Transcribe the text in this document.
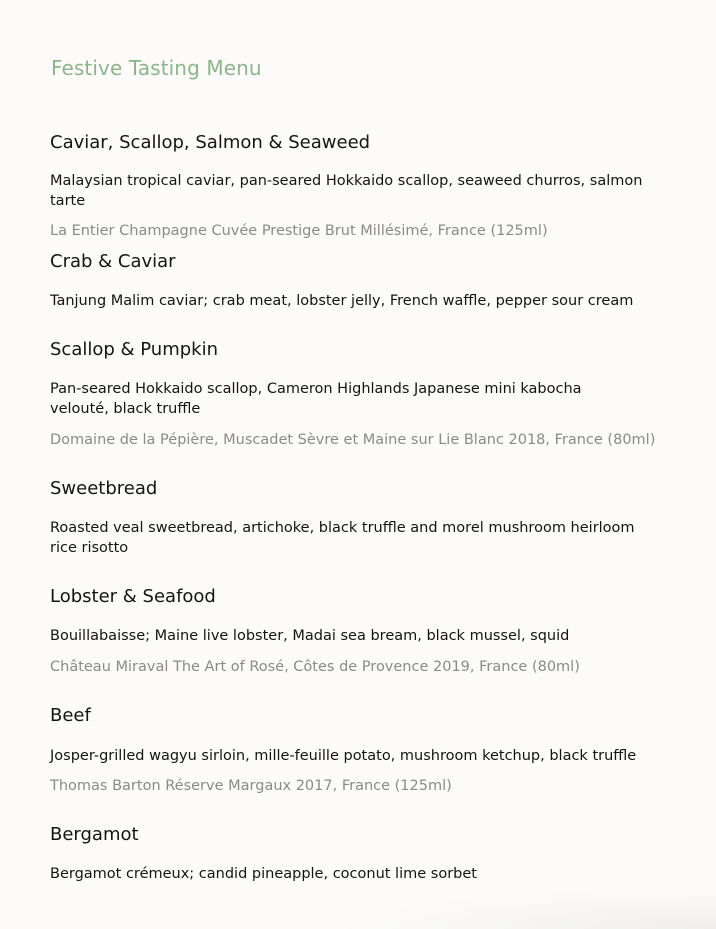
Festive Tasting Menu
Caviar, Scallop, Salmon & Seaweed

Malaysian tropical caviar, pan-seared Hokkaido scallop, seaweed churros, salmon tarte

La Entier Champagne Cuvée Prestige Brut Millésimé, France (125ml)

Crab & Caviar

Tanjung Malim caviar; crab meat, lobster jelly, French waffle, pepper sour cream

Scallop & Pumpkin

Pan-seared Hokkaido scallop, Cameron Highlands Japanese mini kabocha velouté, black truffle

Domaine de la Pépière, Muscadet Sèvre et Maine sur Lie Blanc 2018, France (80ml)

Sweetbread

Roasted veal sweetbread, artichoke, black truffle and morel mushroom heirloom rice risotto

Lobster & Seafood

Bouillabaisse; Maine live lobster, Madai sea bream, black mussel, squid

Château Miraval The Art of Rosé, Côtes de Provence 2019, France (80ml)

Beef

Josper-grilled wagyu sirloin, mille-feuille potato, mushroom ketchup, black truffle

Thomas Barton Réserve Margaux 2017, France (125ml)

Bergamot

Bergamot crémeux; candid pineapple, coconut lime sorbet
